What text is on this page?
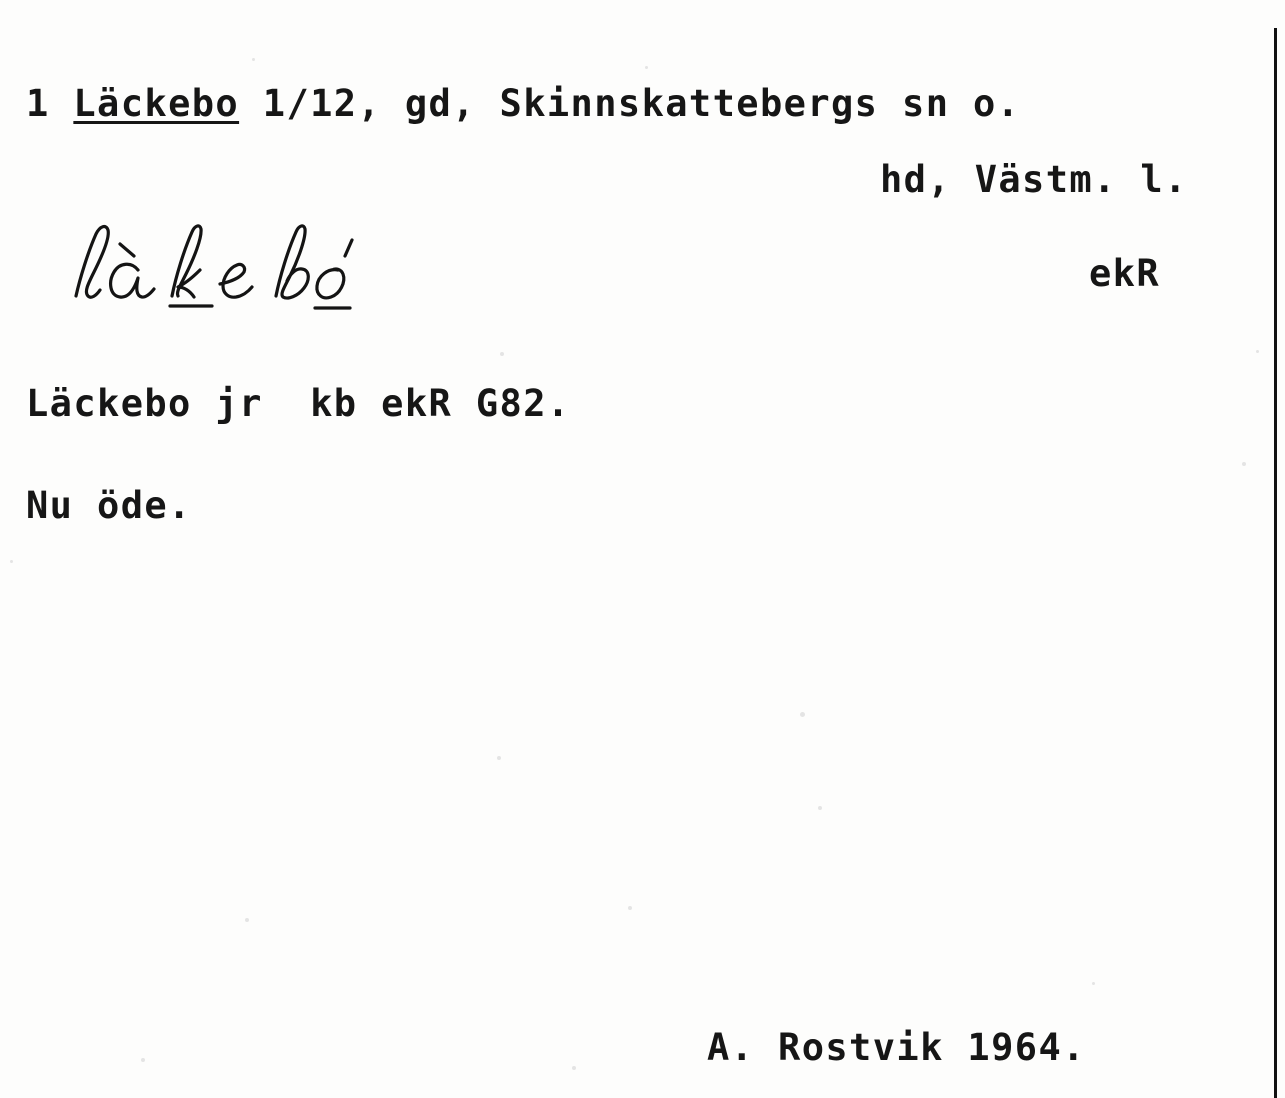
1 Läckebo 1/12, gd, Skinnskattebergs sn o.
hd, Västm. l.
ekR
Läckebo jr  kb ekR G82.
Nu öde.
A. Rostvik 1964.
